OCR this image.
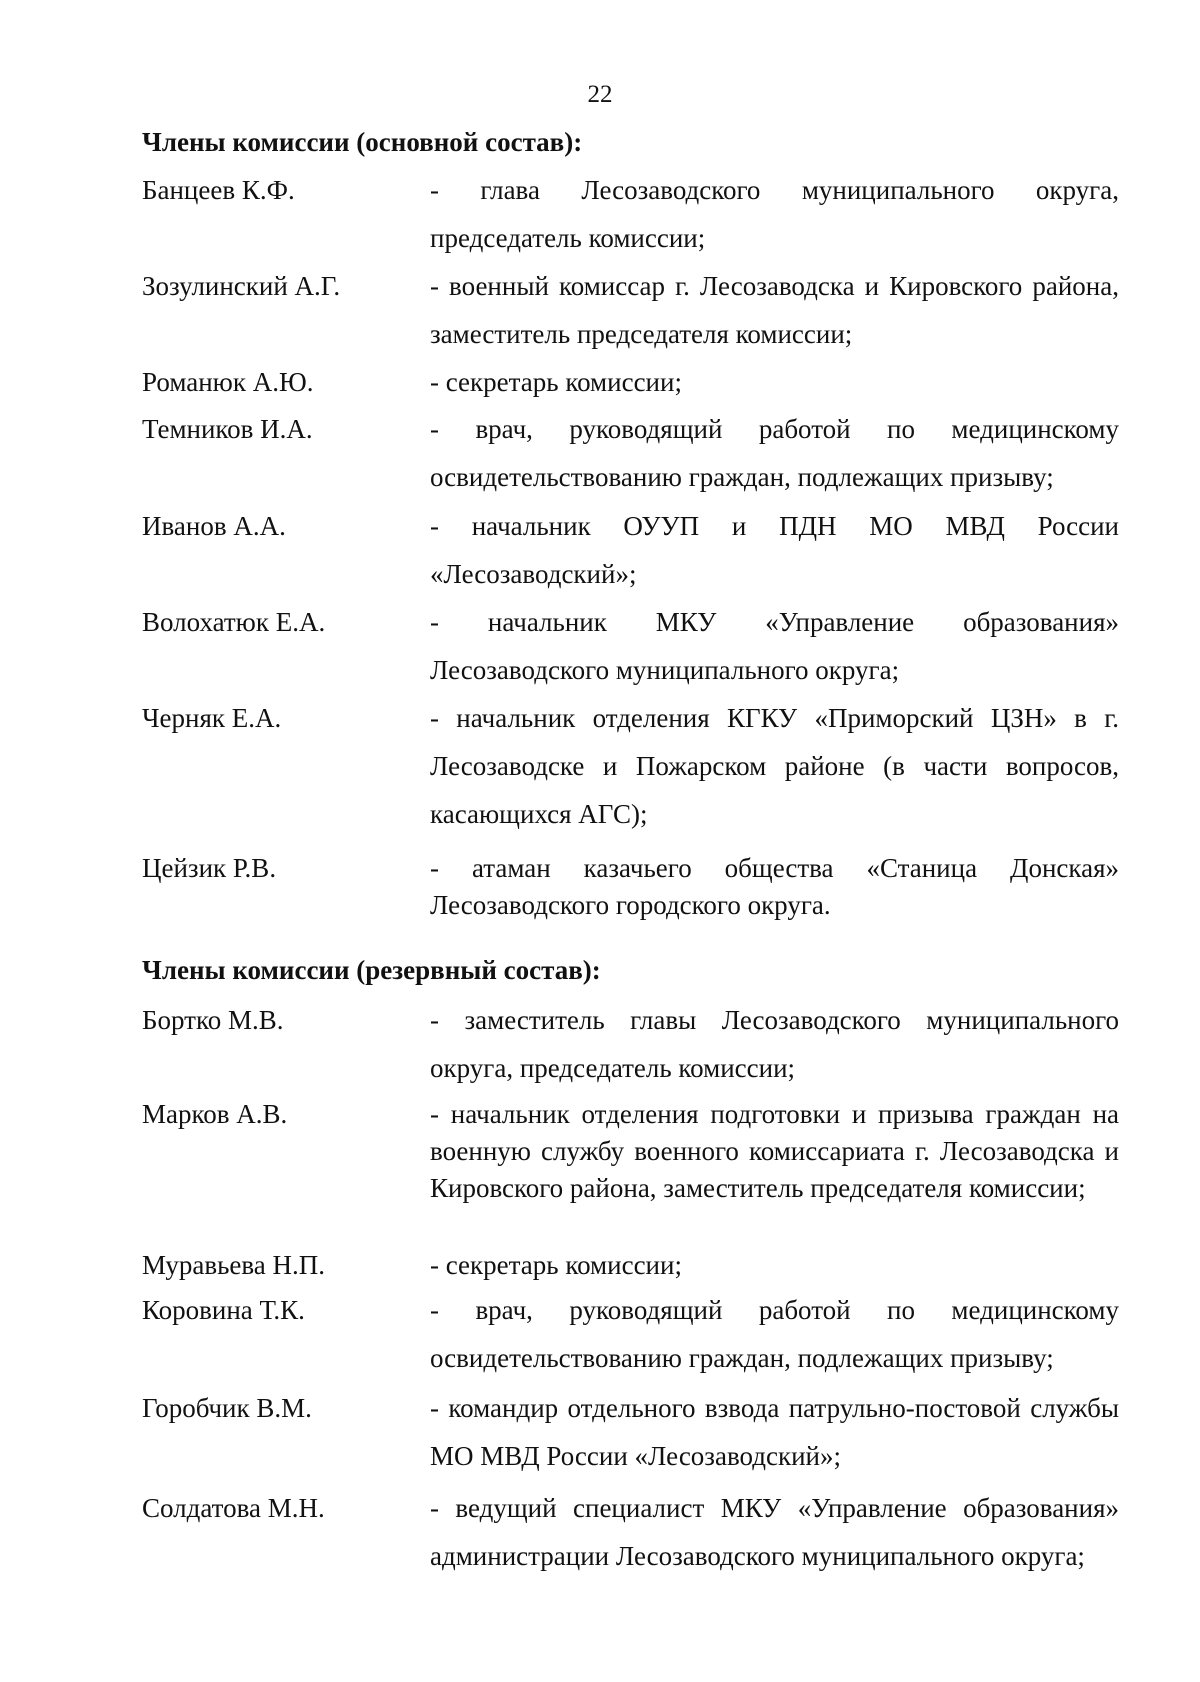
22
Члены комиссии (основной состав):
Банцеев К.Ф.	- глава Лесозаводского муниципального округа, председатель комиссии;
Зозулинский А.Г.	- военный комиссар г. Лесозаводска и Кировского района, заместитель председателя комиссии;
Романюк А.Ю.	- секретарь комиссии;
Темников И.А.	- врач, руководящий работой по медицинскому освидетельствованию граждан, подлежащих призыву;
Иванов А.А.	- начальник ОУУП и ПДН МО МВД России «Лесозаводский»;
Волохатюк Е.А.	- начальник МКУ «Управление образования» Лесозаводского муниципального округа;
Черняк Е.А.	- начальник отделения КГКУ «Приморский ЦЗН» в г. Лесозаводске и Пожарском районе (в части вопросов, касающихся АГС);
Цейзик Р.В.	- атаман казачьего общества «Станица Донская» Лесозаводского городского округа.
Члены комиссии (резервный состав):
Бортко М.В.	- заместитель главы Лесозаводского муниципального округа, председатель комиссии;
Марков А.В.	- начальник отделения подготовки и призыва граждан на военную службу военного комиссариата г. Лесозаводска и Кировского района, заместитель председателя комиссии;
Муравьева Н.П.	- секретарь комиссии;
Коровина Т.К.	- врач, руководящий работой по медицинскому освидетельствованию граждан, подлежащих призыву;
Горобчик В.М.	- командир отдельного взвода патрульно-постовой службы МО МВД России «Лесозаводский»;
Солдатова М.Н.	- ведущий специалист МКУ «Управление образования» администрации Лесозаводского муниципального округа;
